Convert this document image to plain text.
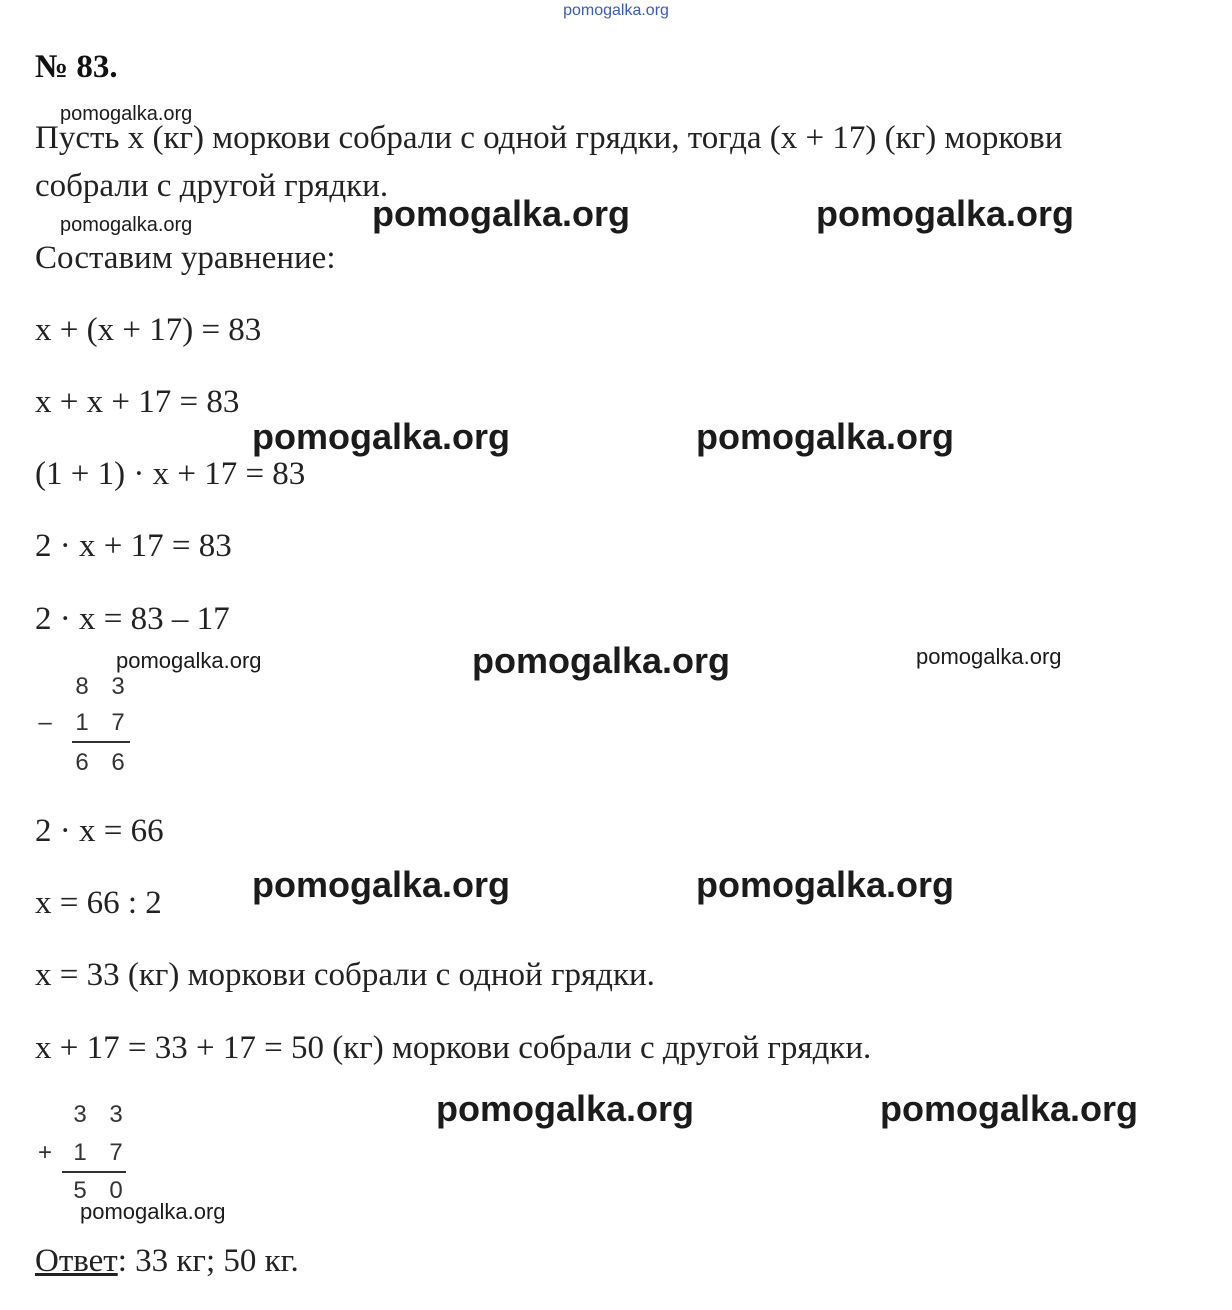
pomogalka.org
№ 83.
Пусть х (кг) моркови собрали с одной грядки, тогда (х + 17) (кг) моркови
собрали с другой грядки.
Составим уравнение:
х + (х + 17) = 83
х + х + 17 = 83
(1 + 1) · х + 17 = 83
2 · х + 17 = 83
2 · х = 83 – 17
8 3
– 1 7
6 6
2 · х = 66
х = 66 : 2
х = 33 (кг) моркови собрали с одной грядки.
х + 17 = 33 + 17 = 50 (кг) моркови собрали с другой грядки.
3 3
+ 1 7
5 0
Ответ: 33 кг; 50 кг.
pomogalka.org
pomogalka.org	pomogalka.org	pomogalka.org
pomogalka.org	pomogalka.org
pomogalka.org	pomogalka.org	pomogalka.org
pomogalka.org	pomogalka.org
pomogalka.org	pomogalka.org
pomogalka.org
